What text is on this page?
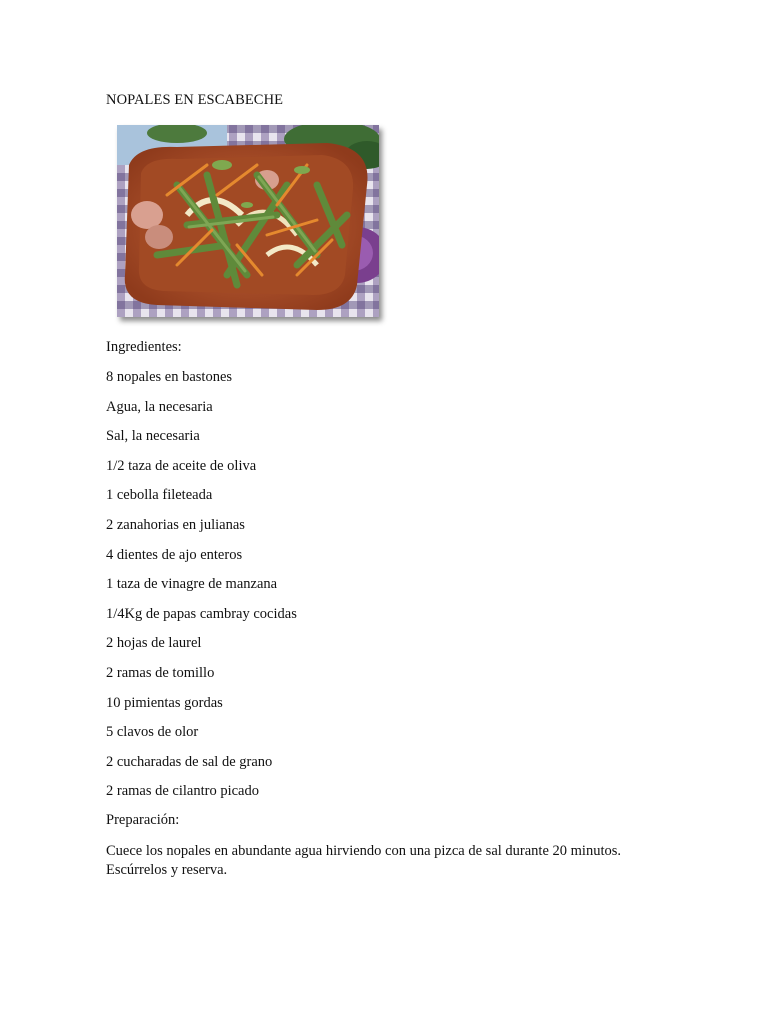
NOPALES EN ESCABECHE
Ingredientes:
8 nopales en bastones
Agua, la necesaria
Sal, la necesaria
1/2 taza de aceite de oliva
1 cebolla fileteada
2 zanahorias en julianas
4 dientes de ajo enteros
1 taza de vinagre de manzana
1/4Kg de papas cambray cocidas
2 hojas de laurel
2 ramas de tomillo
10 pimientas gordas
5 clavos de olor
2 cucharadas de sal de grano
2 ramas de cilantro picado
Preparación:
Cuece los nopales en abundante agua hirviendo con una pizca de sal durante 20 minutos. Escúrrelos y reserva.
